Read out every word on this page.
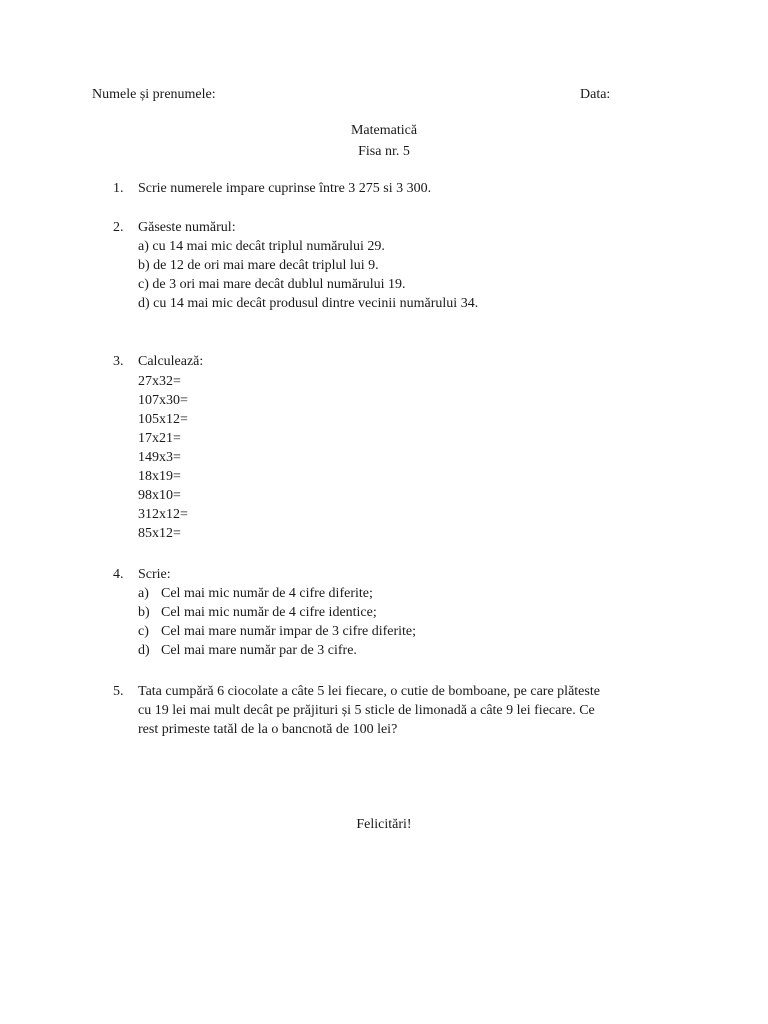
Numele și prenumele:	Data:
Matematică
Fisa nr. 5
1. Scrie numerele impare cuprinse între 3 275 si 3 300.
2. Găseste numărul:
a) cu 14 mai mic decât triplul numărului 29.
b) de 12 de ori mai mare decât triplul lui 9.
c) de 3 ori mai mare decât dublul numărului 19.
d) cu 14 mai mic decât produsul dintre vecinii numărului 34.
3. Calculează:
27x32=
107x30=
105x12=
17x21=
149x3=
18x19=
98x10=
312x12=
85x12=
4. Scrie:
a) Cel mai mic număr de 4 cifre diferite;
b) Cel mai mic număr de 4 cifre identice;
c) Cel mai mare număr impar de 3 cifre diferite;
d) Cel mai mare număr par de 3 cifre.
5. Tata cumpără 6 ciocolate a câte 5 lei fiecare, o cutie de bomboane, pe care plăteste
cu 19 lei mai mult decât pe prăjituri și 5 sticle de limonadă a câte 9 lei fiecare. Ce
rest primeste tatăl de la o bancnotă de 100 lei?
Felicitări!
